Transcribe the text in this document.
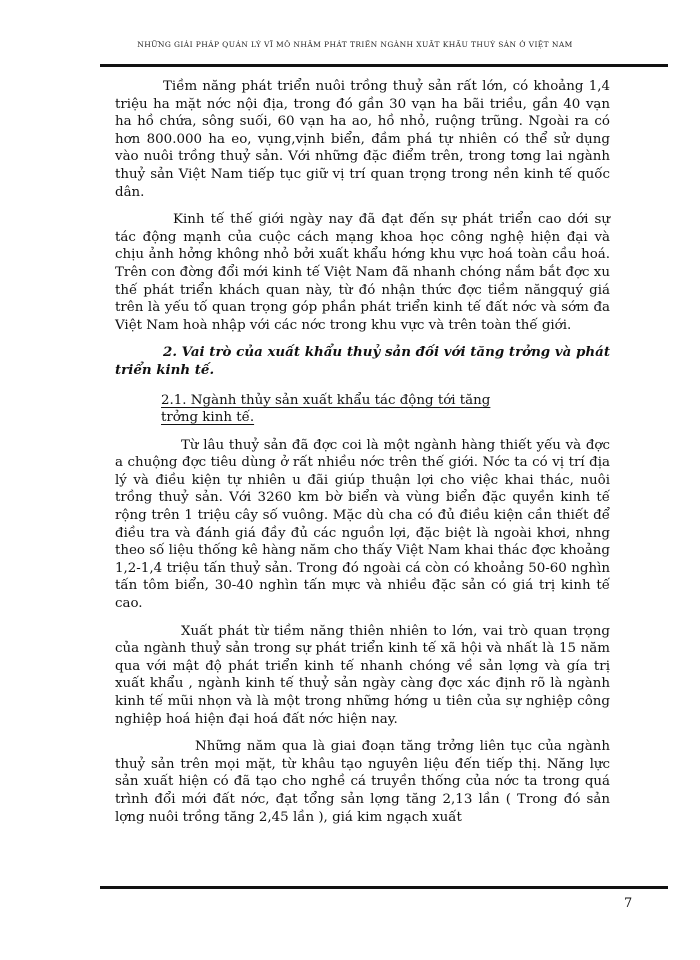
NHỮNG GIẢI PHÁP QUẢN LÝ VĨ MÔ NHẰM PHÁT TRIỂN NGÀNH XUẤT KHẨU THUỶ SẢN Ở VIỆT NAM

Tiềm năng phát triển nuôi trồng thuỷ sản rất lớn, có khoảng 1,4 triệu ha mặt nớc nội địa, trong đó gần 30 vạn ha bãi triều, gần 40 vạn ha hồ chứa, sông suối, 60 vạn ha ao, hồ nhỏ, ruộng trũng. Ngoài ra có hơn 800.000 ha eo, vụng,vịnh biển, đầm phá tự nhiên có thể sử dụng vào nuôi trồng thuỷ sản. Với những đặc điểm trên, trong tơng lai ngành thuỷ sản Việt Nam tiếp tục giữ vị trí quan trọng trong nền kinh tế quốc dân.

Kinh tế thế giới ngày nay đã đạt đến sự phát triển cao dới sự tác động mạnh của cuộc cách mạng khoa học công nghệ hiện đại và chịu ảnh hởng không nhỏ bởi xuất khẩu hớng khu vực hoá toàn cầu hoá. Trên con đờng đổi mới kinh tế Việt Nam đã nhanh chóng nắm bắt đợc xu thế phát triển khách quan này, từ đó nhận thức đợc tiềm năngquý giá trên là yếu tố quan trọng góp phần phát triển kinh tế đất nớc và sớm đa Việt Nam hoà nhập với các nớc trong khu vực và trên toàn thế giới.

2. Vai trò của xuất khẩu thuỷ sản đối với tăng trởng và phát triển kinh tế.

2.1. Ngành thủy sản xuất khẩu tác động tới tăng trởng kinh tế.

Từ lâu thuỷ sản đã đợc coi là một ngành hàng thiết yếu và đợc a chuộng đợc tiêu dùng ở rất nhiều nớc trên thế giới. Nớc ta có vị trí địa lý và điều kiện tự nhiên u đãi giúp thuận lợi cho việc khai thác, nuôi trồng thuỷ sản. Với 3260 km bờ biển và vùng biển đặc quyền kinh tế rộng trên 1 triệu cây số vuông. Mặc dù cha có đủ điều kiện cần thiết để điều tra và đánh giá đầy đủ các nguồn lợi, đặc biệt là ngoài khơi, nhng theo số liệu thống kê hàng năm cho thấy Việt Nam khai thác đợc khoảng 1,2-1,4 triệu tấn thuỷ sản. Trong đó ngoài cá còn có khoảng 50-60 nghìn tấn tôm biển, 30-40 nghìn tấn mực và nhiều đặc sản có giá trị kinh tế cao.

Xuất phát từ tiềm năng thiên nhiên to lớn, vai trò quan trọng của ngành thuỷ sản trong sự phát triển kinh tế xã hội và nhất là 15 năm qua với mật độ phát triển kinh tế nhanh chóng về sản lợng và gía trị xuất khẩu , ngành kinh tế thuỷ sản ngày càng đợc xác định rõ là ngành kinh tế mũi nhọn và là một trong những hớng u tiên của sự nghiệp công nghiệp hoá hiện đại hoá đất nớc hiện nay.

Những năm qua là giai đoạn tăng trởng liên tục của ngành thuỷ sản trên mọi mặt, từ khâu tạo nguyên liệu đến tiếp thị. Năng lực sản xuất hiện có đã tạo cho nghề cá truyền thống của nớc ta trong quá trình đổi mới đất nớc, đạt tổng sản lợng tăng 2,13 lần ( Trong đó sản lợng nuôi trồng tăng 2,45 lần ), giá kim ngạch xuất

7
